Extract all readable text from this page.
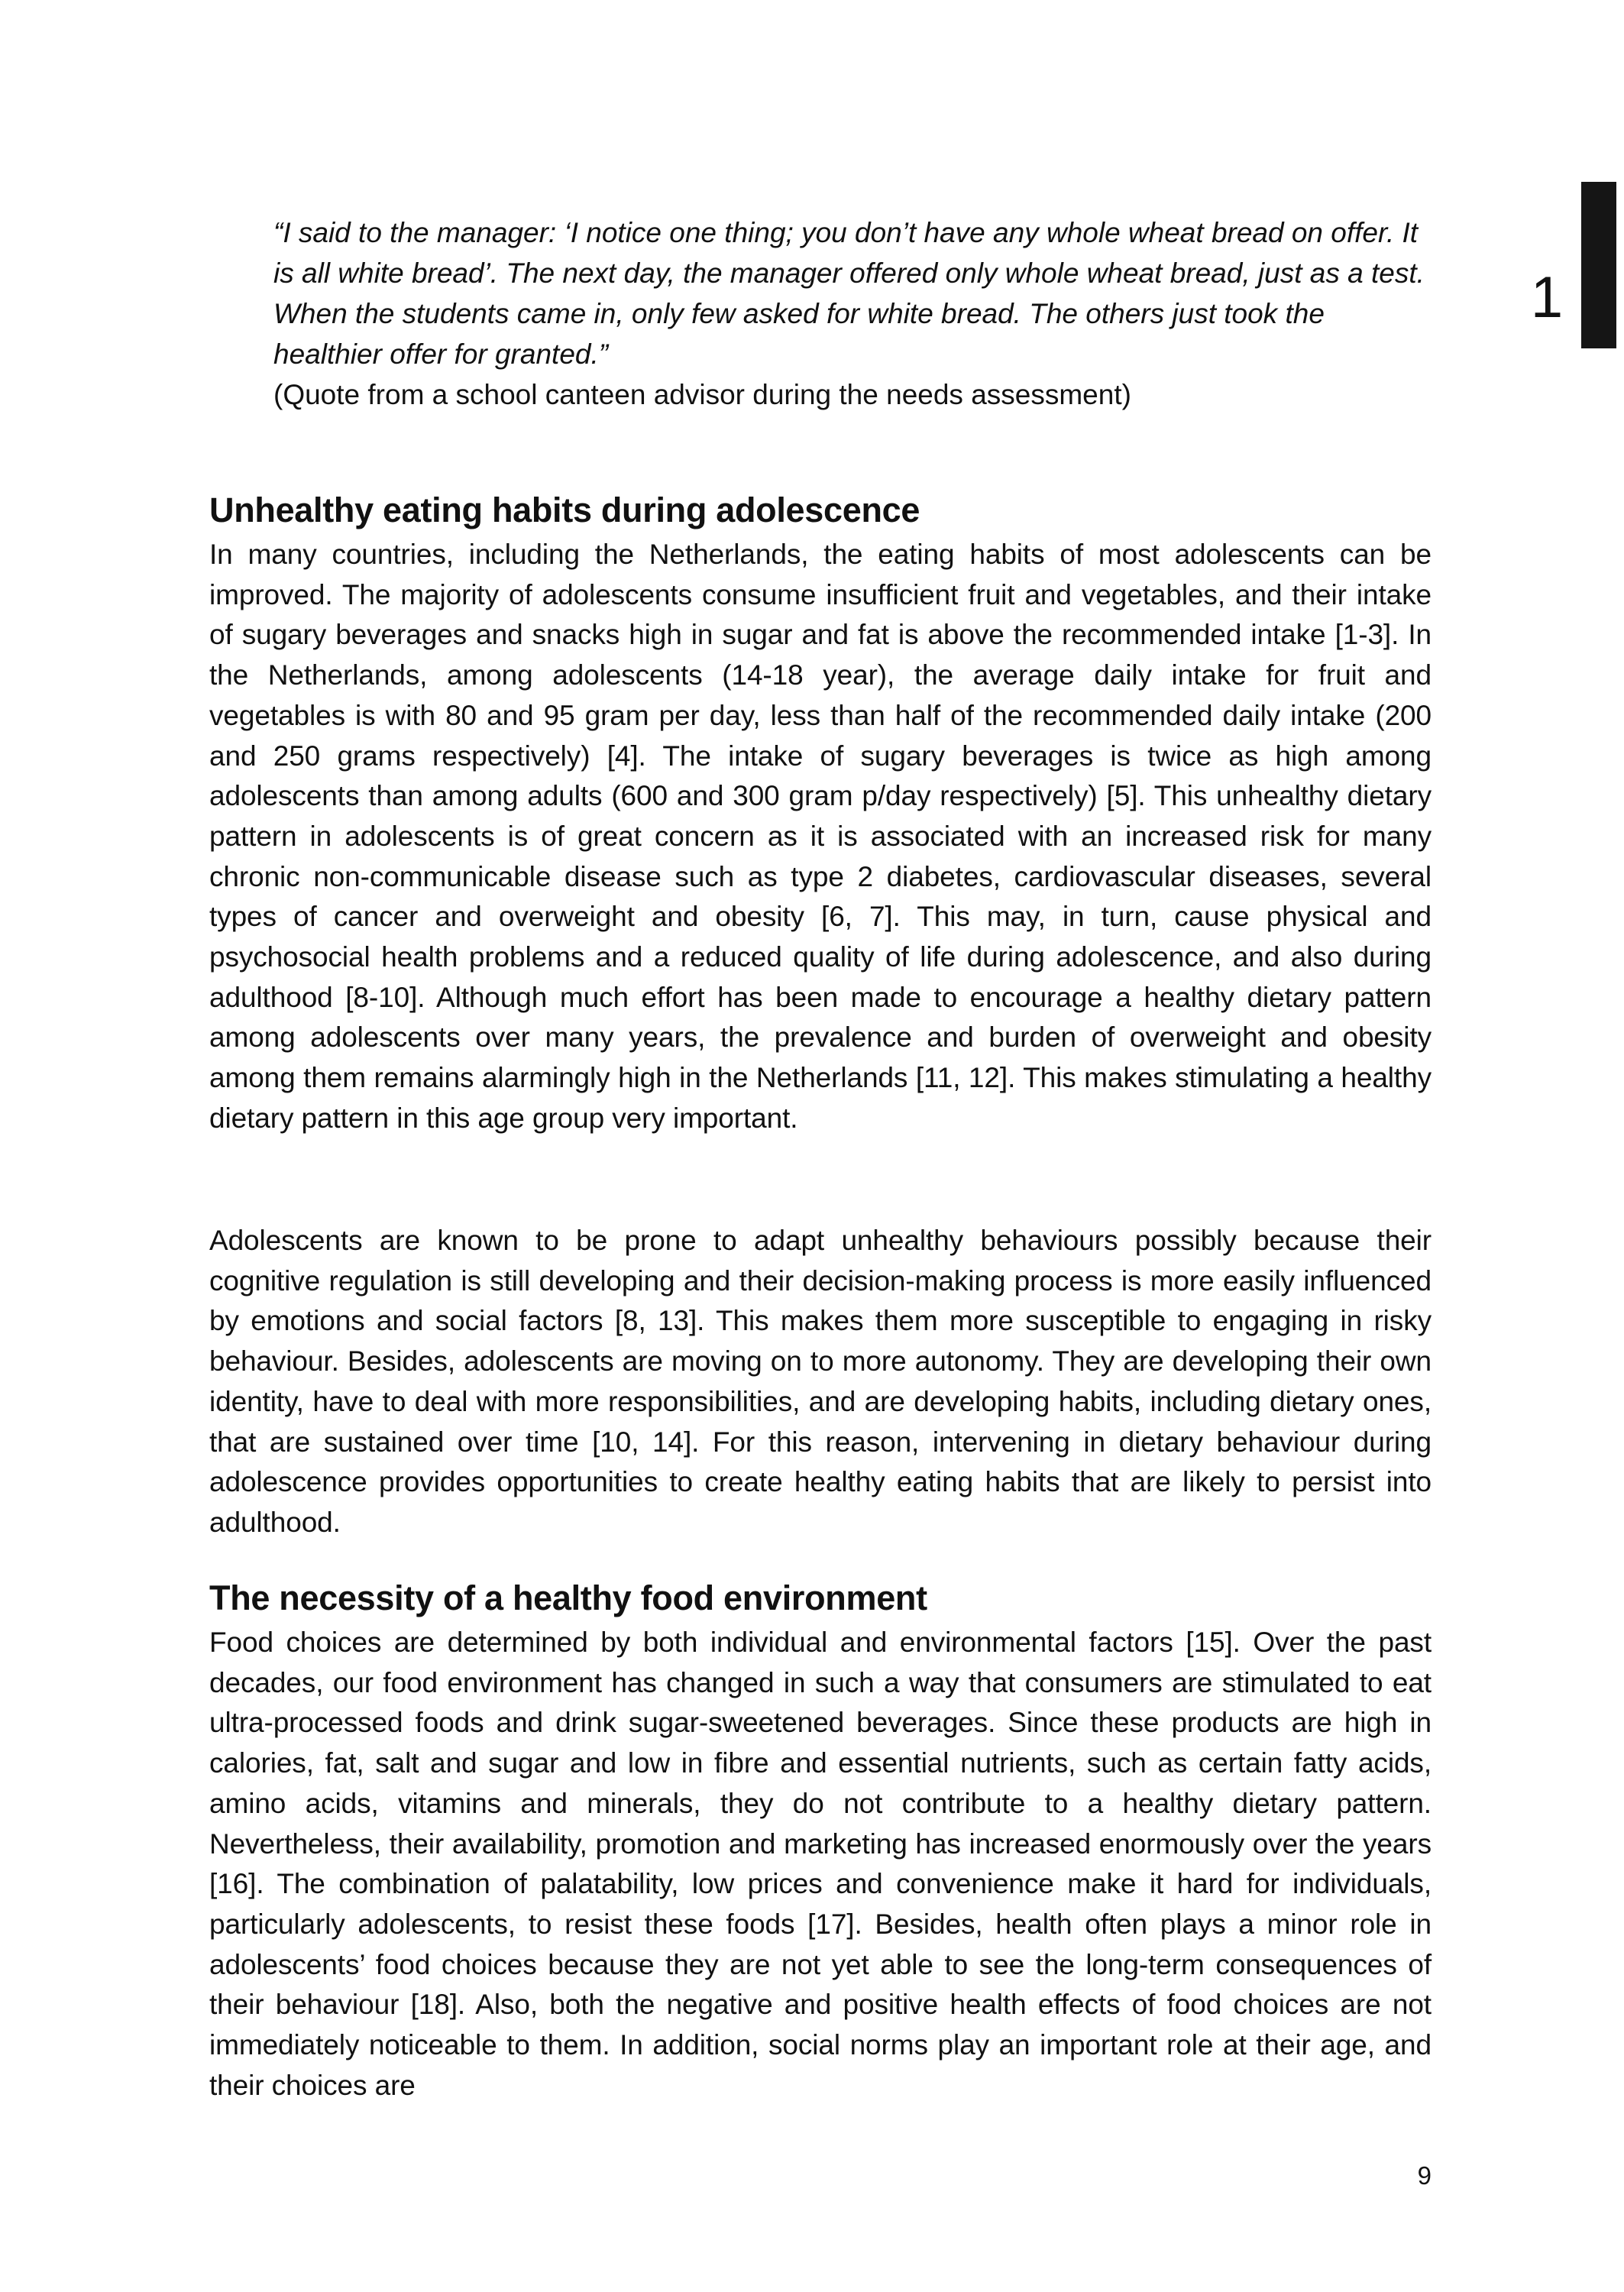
1
“I said to the manager: ‘I notice one thing; you don’t have any whole wheat bread on offer. It is all white bread’. The next day, the manager offered only whole wheat bread, just as a test. When the students came in, only few asked for white bread. The others just took the healthier offer for granted.”
(Quote from a school canteen advisor during the needs assessment)
Unhealthy eating habits during adolescence
In many countries, including the Netherlands, the eating habits of most adolescents can be improved. The majority of adolescents consume insufficient fruit and vegetables, and their intake of sugary beverages and snacks high in sugar and fat is above the recommended intake [1-3]. In the Netherlands, among adolescents (14-18 year), the average daily intake for fruit and vegetables is with 80 and 95 gram per day, less than half of the recommended daily intake (200 and 250 grams respectively) [4]. The intake of sugary beverages is twice as high among adolescents than among adults (600 and 300 gram p/day respectively) [5]. This unhealthy dietary pattern in adolescents is of great concern as it is associated with an increased risk for many chronic non-communicable disease such as type 2 diabetes, cardiovascular diseases, several types of cancer and overweight and obesity [6, 7]. This may, in turn, cause physical and psychosocial health problems and a reduced quality of life during adolescence, and also during adulthood [8-10]. Although much effort has been made to encourage a healthy dietary pattern among adolescents over many years, the prevalence and burden of overweight and obesity among them remains alarmingly high in the Netherlands [11, 12]. This makes stimulating a healthy dietary pattern in this age group very important.
Adolescents are known to be prone to adapt unhealthy behaviours possibly because their cognitive regulation is still developing and their decision-making process is more easily influenced by emotions and social factors [8, 13]. This makes them more susceptible to engaging in risky behaviour. Besides, adolescents are moving on to more autonomy. They are developing their own identity, have to deal with more responsibilities, and are developing habits, including dietary ones, that are sustained over time [10, 14]. For this reason, intervening in dietary behaviour during adolescence provides opportunities to create healthy eating habits that are likely to persist into adulthood.
The necessity of a healthy food environment
Food choices are determined by both individual and environmental factors [15]. Over the past decades, our food environment has changed in such a way that consumers are stimulated to eat ultra-processed foods and drink sugar-sweetened beverages. Since these products are high in calories, fat, salt and sugar and low in fibre and essential nutrients, such as certain fatty acids, amino acids, vitamins and minerals, they do not contribute to a healthy dietary pattern. Nevertheless, their availability, promotion and marketing has increased enormously over the years [16]. The combination of palatability, low prices and convenience make it hard for individuals, particularly adolescents, to resist these foods [17]. Besides, health often plays a minor role in adolescents’ food choices because they are not yet able to see the long-term consequences of their behaviour [18]. Also, both the negative and positive health effects of food choices are not immediately noticeable to them. In addition, social norms play an important role at their age, and their choices are
9
